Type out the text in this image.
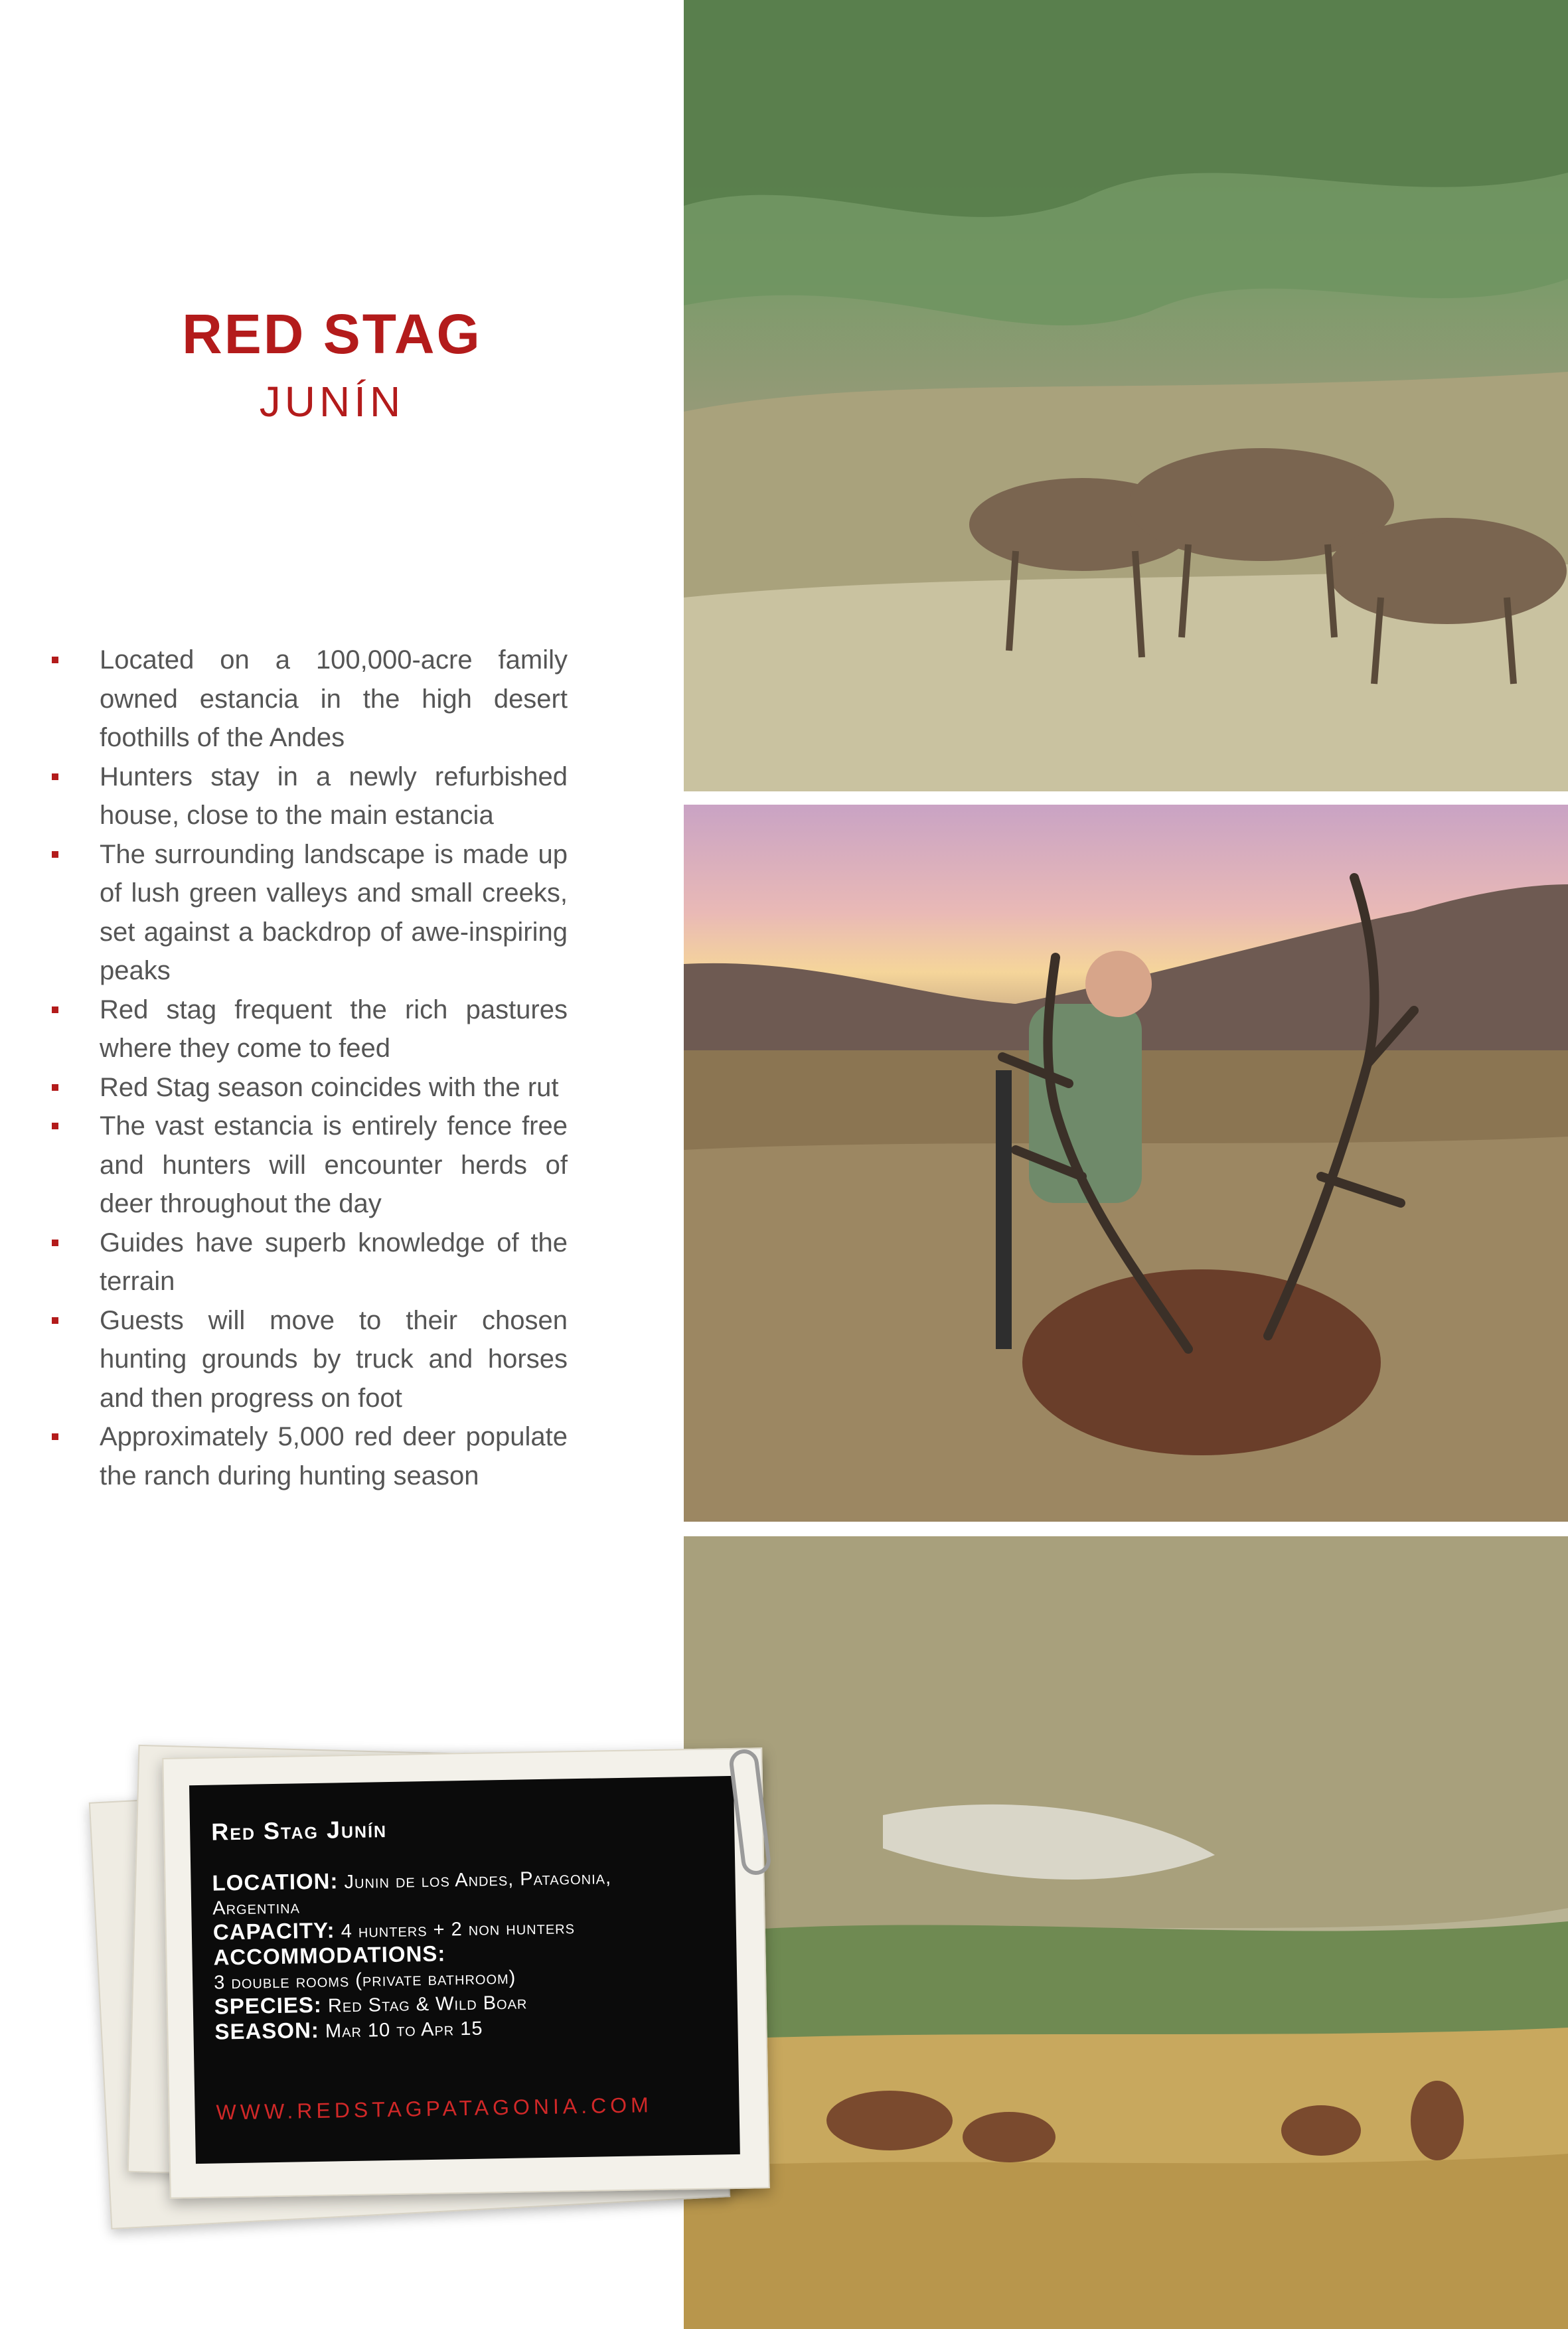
RED STAG
JUNÍN
Located on a 100,000-acre family owned estancia in the high desert foothills of the Andes
Hunters stay in a newly refurbished house, close to the main estancia
The surrounding landscape is made up of lush green valleys and small creeks, set against a backdrop of awe-inspiring peaks
Red stag frequent the rich pastures where they come to feed
Red Stag season coincides with the rut
The vast estancia is entirely fence free and hunters will encounter herds of deer throughout the day
Guides have superb knowledge of the terrain
Guests will move to their chosen hunting grounds by truck and horses and then progress on foot
Approximately 5,000 red deer populate the ranch during hunting season
Red Stag Junín
LOCATION: Junin de los Andes, Patagonia, Argentina
CAPACITY: 4 hunters + 2 non hunters
ACCOMMODATIONS:
3 double rooms (private bathroom)
SPECIES: Red Stag & Wild Boar
SEASON: Mar 10 to Apr 15
WWW.REDSTAGPATAGONIA.COM
